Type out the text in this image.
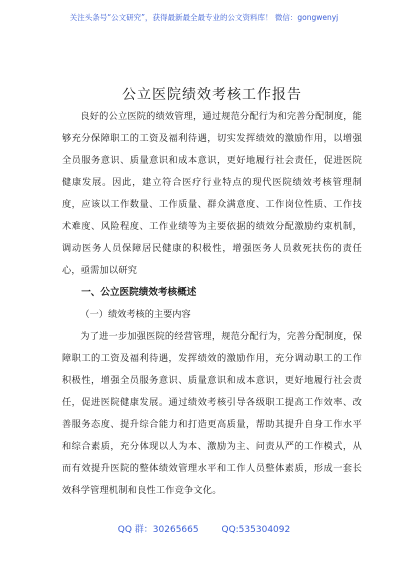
关注头条号“公文研究”，获得最新最全最专业的公文资料库！ 微信：gongwenyj
公立医院绩效考核工作报告

良好的公立医院的绩效管理，通过规范分配行为和完善分配制度，能够充分保障职工的工资及福利待遇，切实发挥绩效的激励作用，以增强全员服务意识、质量意识和成本意识，更好地履行社会责任，促进医院健康发展。因此，建立符合医疗行业特点的现代医院绩效考核管理制度，应该以工作数量、工作质量、群众满意度、工作岗位性质、工作技术难度、风险程度、工作业绩等为主要依据的绩效分配激励约束机制，调动医务人员保障居民健康的积极性，增强医务人员救死扶伤的责任心，亟需加以研究

一、公立医院绩效考核概述

（一）绩效考核的主要内容

为了进一步加强医院的经营管理，规范分配行为，完善分配制度，保障职工的工资及福利待遇，发挥绩效的激励作用，充分调动职工的工作积极性，增强全员服务意识、质量意识和成本意识，更好地履行社会责任，促进医院健康发展。通过绩效考核引导各级职工提高工作效率、改善服务态度、提升综合能力和打造更高质量，帮助其提升自身工作水平和综合素质，充分体现以人为本、激励为主、问责从严的工作模式，从而有效提升医院的整体绩效管理水平和工作人员整体素质，形成一套长效科学管理机制和良性工作竞争文化。

QQ 群：30265665	QQ:535304092
